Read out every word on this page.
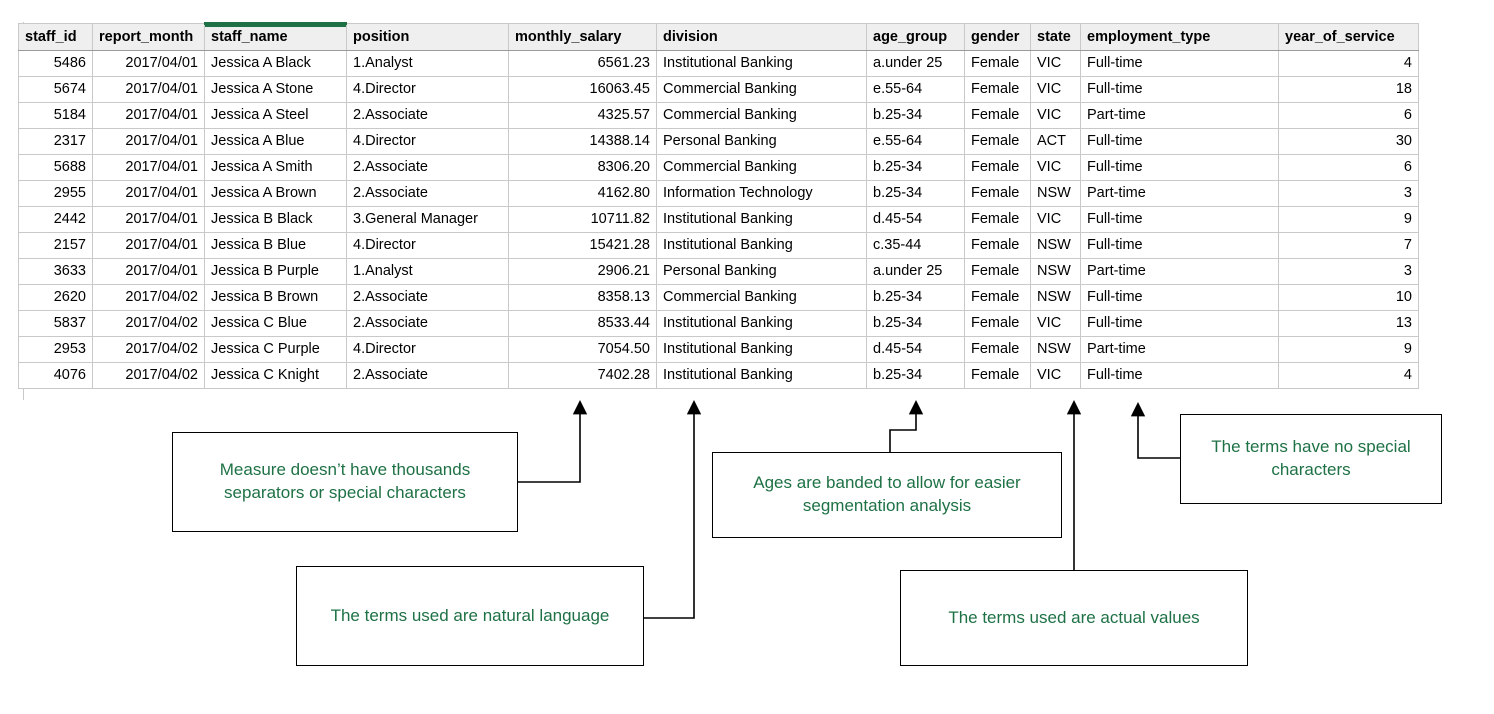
staff_id	report_month	staff_name	position	monthly_salary	division	age_group	gender	state	employment_type	year_of_service
5486	2017/04/01	Jessica A Black	1.Analyst	6561.23	Institutional Banking	a.under 25	Female	VIC	Full-time	4
5674	2017/04/01	Jessica A Stone	4.Director	16063.45	Commercial Banking	e.55-64	Female	VIC	Full-time	18
5184	2017/04/01	Jessica A Steel	2.Associate	4325.57	Commercial Banking	b.25-34	Female	VIC	Part-time	6
2317	2017/04/01	Jessica A Blue	4.Director	14388.14	Personal Banking	e.55-64	Female	ACT	Full-time	30
5688	2017/04/01	Jessica A Smith	2.Associate	8306.20	Commercial Banking	b.25-34	Female	VIC	Full-time	6
2955	2017/04/01	Jessica A Brown	2.Associate	4162.80	Information Technology	b.25-34	Female	NSW	Part-time	3
2442	2017/04/01	Jessica B Black	3.General Manager	10711.82	Institutional Banking	d.45-54	Female	VIC	Full-time	9
2157	2017/04/01	Jessica B Blue	4.Director	15421.28	Institutional Banking	c.35-44	Female	NSW	Full-time	7
3633	2017/04/01	Jessica B Purple	1.Analyst	2906.21	Personal Banking	a.under 25	Female	NSW	Part-time	3
2620	2017/04/02	Jessica B Brown	2.Associate	8358.13	Commercial Banking	b.25-34	Female	NSW	Full-time	10
5837	2017/04/02	Jessica C Blue	2.Associate	8533.44	Institutional Banking	b.25-34	Female	VIC	Full-time	13
2953	2017/04/02	Jessica C Purple	4.Director	7054.50	Institutional Banking	d.45-54	Female	NSW	Part-time	9
4076	2017/04/02	Jessica C Knight	2.Associate	7402.28	Institutional Banking	b.25-34	Female	VIC	Full-time	4
Measure doesn’t have thousands separators or special characters
Ages are banded to allow for easier segmentation analysis
The terms have no special characters
The terms used are natural language	The terms used are actual values
